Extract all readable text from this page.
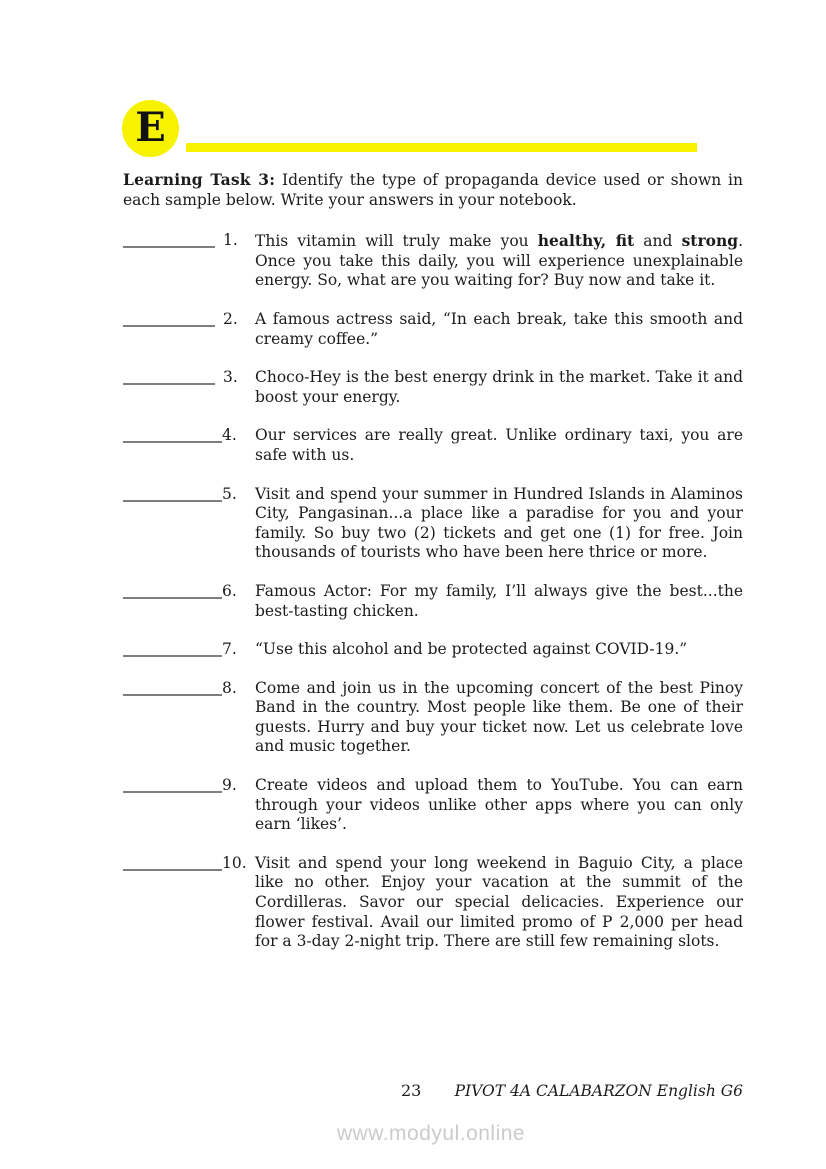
E

Learning Task 3: Identify the type of propaganda device used or shown in each sample below. Write your answers in your notebook.

1.	This vitamin will truly make you healthy, fit and strong. Once you take this daily, you will experience unexplainable energy. So, what are you waiting for? Buy now and take it.
2.	A famous actress said, “In each break, take this smooth and creamy coffee.”
3.	Choco-Hey is the best energy drink in the market. Take it and boost your energy.
4.	Our services are really great. Unlike ordinary taxi, you are safe with us.
5.	Visit and spend your summer in Hundred Islands in Alaminos City, Pangasinan...a place like a paradise for you and your family. So buy two (2) tickets and get one (1) for free. Join thousands of tourists who have been here thrice or more.
6.	Famous Actor: For my family, I’ll always give the best...the best-tasting chicken.
7.	“Use this alcohol and be protected against COVID-19.”
8.	Come and join us in the upcoming concert of the best Pinoy Band in the country. Most people like them. Be one of their guests. Hurry and buy your ticket now. Let us celebrate love and music together.
9.	Create videos and upload them to YouTube. You can earn through your videos unlike other apps where you can only earn ‘likes’.
10. Visit and spend your long weekend in Baguio City, a place like no other. Enjoy your vacation at the summit of the Cordilleras. Savor our special delicacies. Experience our flower festival. Avail our limited promo of P 2,000 per head for a 3-day 2-night trip. There are still few remaining slots.
23 PIVOT 4A CALABARZON English G6
www.modyul.online
